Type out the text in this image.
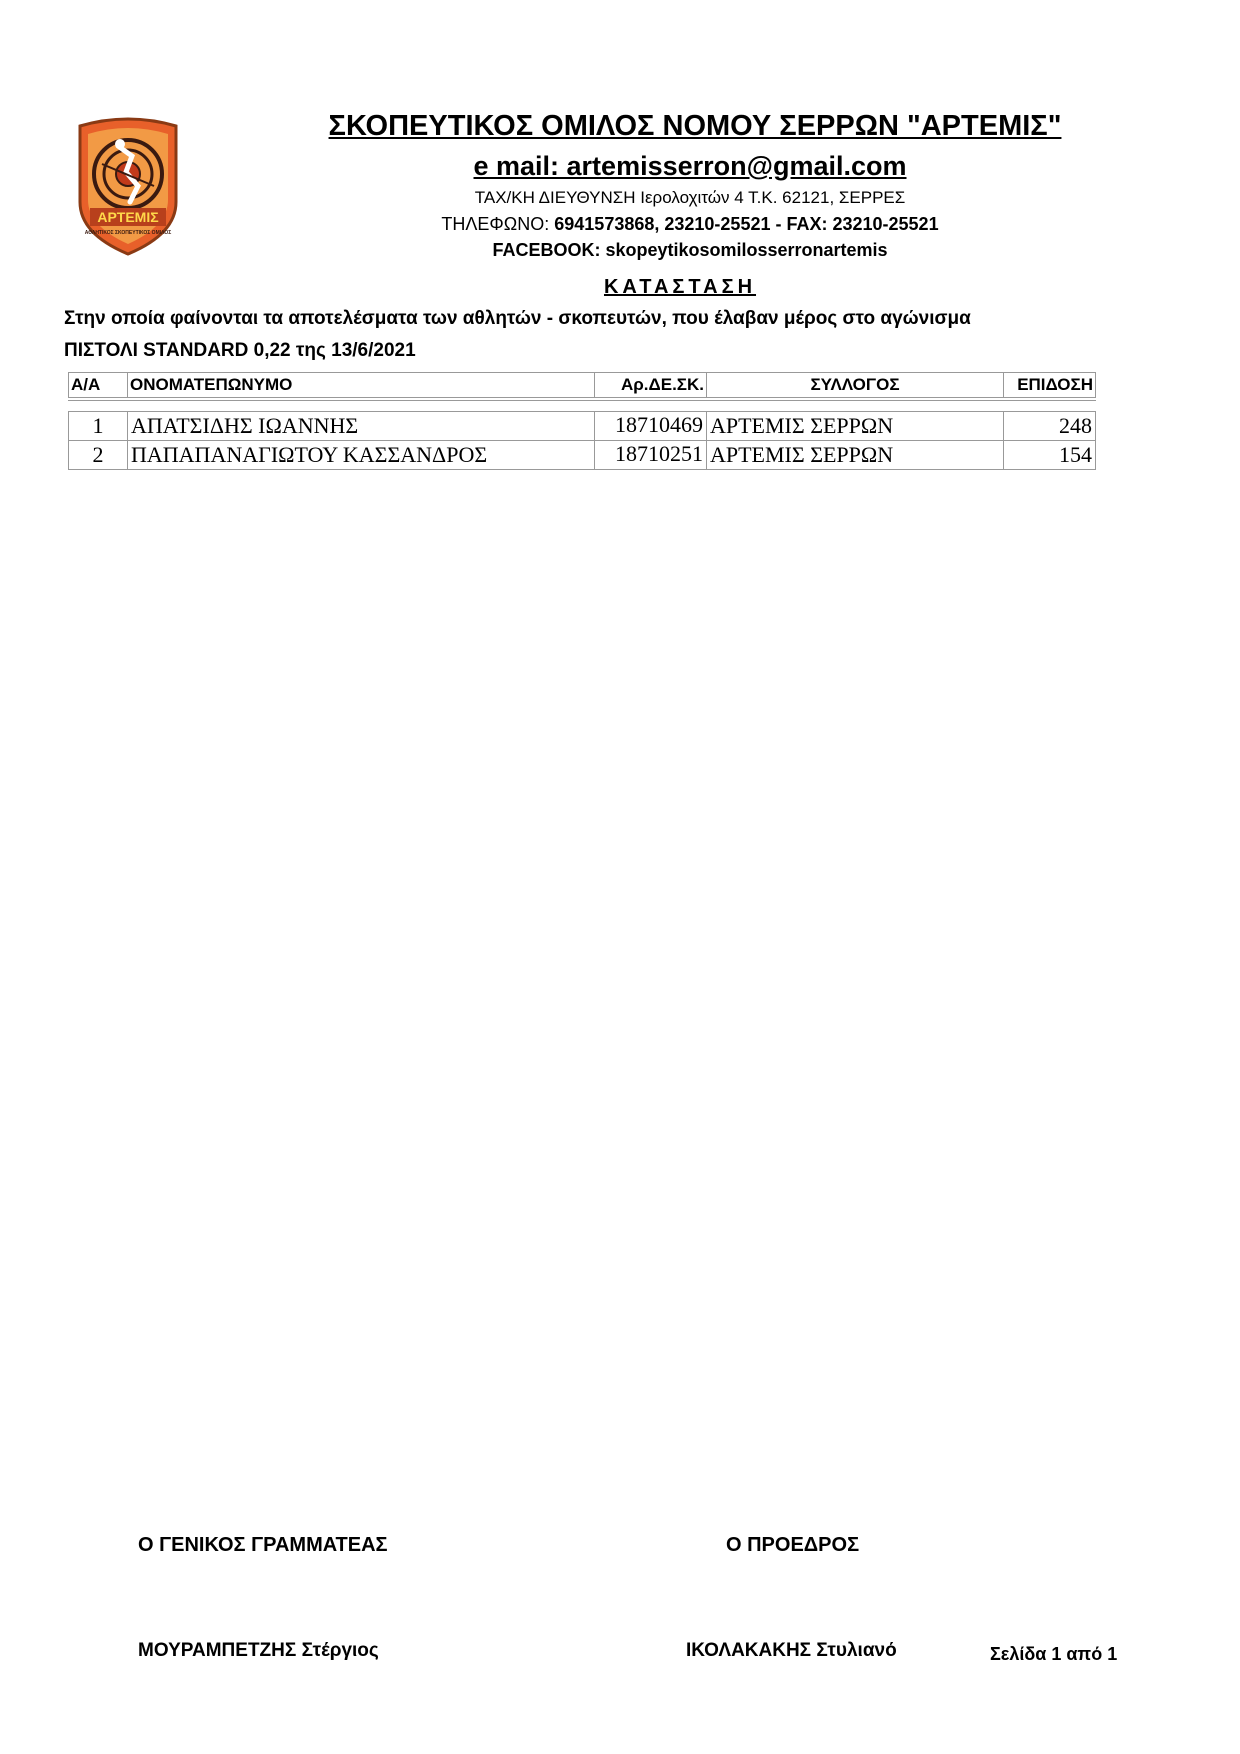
ΑΡΤΕΜΙΣ
ΑΘΛΗΤΙΚΟΣ ΣΚΟΠΕΥΤΙΚΟΣ ΟΜΙΛΟΣ
ΣΚΟΠΕΥΤΙΚΟΣ ΟΜΙΛΟΣ ΝΟΜΟΥ ΣΕΡΡΩΝ "ΑΡΤΕΜΙΣ"
e mail: artemisserron@gmail.com
ΤΑΧ/ΚΗ ΔΙΕΥΘΥΝΣΗ Ιερολοχιτών 4 Τ.Κ. 62121, ΣΕΡΡΕΣ
ΤΗΛΕΦΩΝΟ: 6941573868, 23210-25521 - FAX: 23210-25521
FACEBOOK: skopeytikosomilosserronartemis
ΚΑΤΑΣΤΑΣΗ
Στην οποία φαίνονται τα αποτελέσματα των αθλητών - σκοπευτών, που έλαβαν μέρος στο αγώνισμα
ΠΙΣΤΟΛΙ STANDARD 0,22 της 13/6/2021
Α/Α	ΟΝΟΜΑΤΕΠΩΝΥΜΟ	Αρ.ΔΕ.ΣΚ.	ΣΥΛΛΟΓΟΣ	ΕΠΙΔΟΣΗ

1	ΑΠΑΤΣΙΔΗΣ ΙΩΑΝΝΗΣ	18710469	ΑΡΤΕΜΙΣ ΣΕΡΡΩΝ	248
2	ΠΑΠΑΠΑΝΑΓΙΩΤΟΥ ΚΑΣΣΑΝΔΡΟΣ	18710251	ΑΡΤΕΜΙΣ ΣΕΡΡΩΝ	154
Ο ΓΕΝΙΚΟΣ ΓΡΑΜΜΑΤΕΑΣ	Ο ΠΡΟΕΔΡΟΣ
ΜΟΥΡΑΜΠΕΤΖΗΣ Στέργιος	ΙΚΟΛΑΚΑΚΗΣ Στυλιανό	Σελίδα 1 από 1
